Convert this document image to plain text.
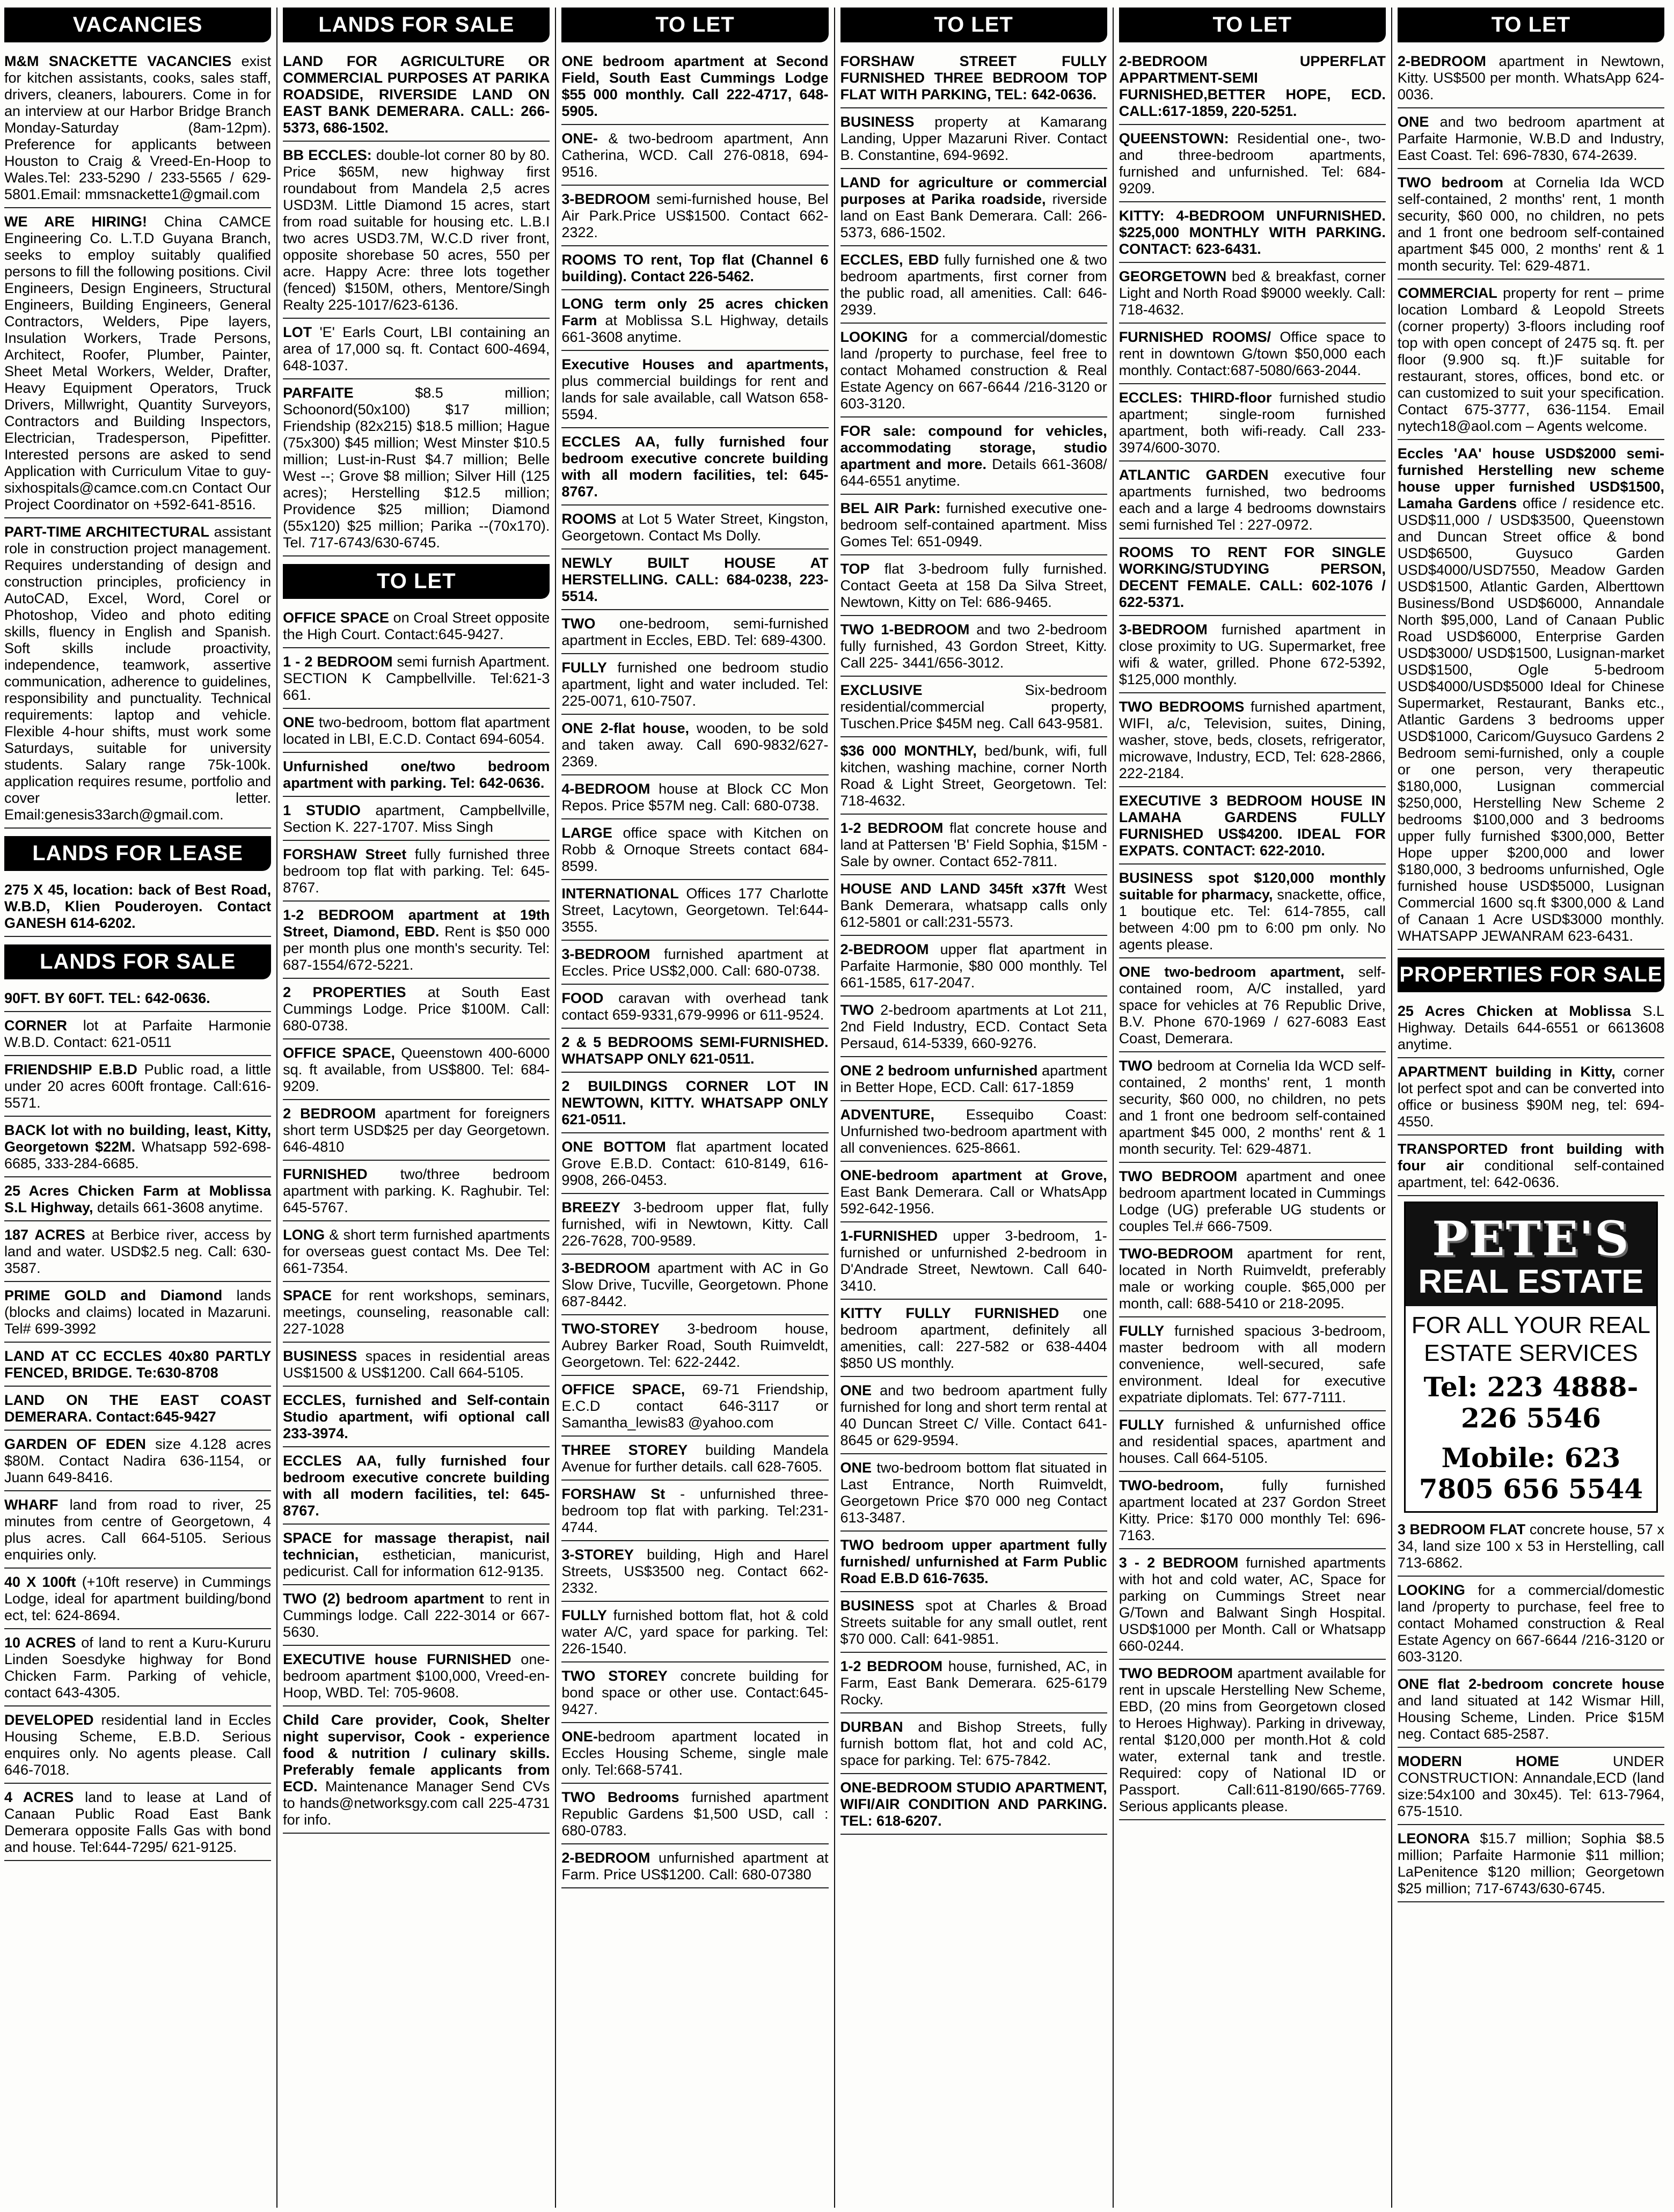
VACANCIES
M&M SNACKETTE VACANCIES exist for kitchen assistants, cooks, sales staff, drivers, cleaners, labourers. Come in for an interview at our Harbor Bridge Branch Monday-Saturday (8am-12pm). Preference for applicants between Houston to Craig & Vreed-En-Hoop to Wales.Tel: 233-5290 / 233-5565 / 629-5801.Email: mmsnackette1@gmail.com
WE ARE HIRING! China CAMCE Engineering Co. L.T.D Guyana Branch, seeks to employ suitably qualified persons to fill the following positions. Civil Engineers, Design Engineers, Structural Engineers, Building Engineers, General Contractors, Welders, Pipe layers, Insulation Workers, Trade Persons, Architect, Roofer, Plumber, Painter, Sheet Metal Workers, Welder, Drafter, Heavy Equipment Operators, Truck Drivers, Millwright, Quantity Surveyors, Contractors and Building Inspectors, Electrician, Tradesperson, Pipefitter. Interested persons are asked to send Application with Curriculum Vitae to guy-sixhospitals@camce.com.cn Contact Our Project Coordinator on +592-641-8516.
PART-TIME ARCHITECTURAL assistant role in construction project management. Requires understanding of design and construction principles, proficiency in AutoCAD, Excel, Word, Corel or Photoshop, Video and photo editing skills, fluency in English and Spanish. Soft skills include proactivity, independence, teamwork, assertive communication, adherence to guidelines, responsibility and punctuality. Technical requirements: laptop and vehicle. Flexible 4-hour shifts, must work some Saturdays, suitable for university students. Salary range 75k-100k. application requires resume, portfolio and cover letter. Email:genesis33arch@gmail.com.
LANDS FOR LEASE
275 X 45, location: back of Best Road, W.B.D, Klien Pouderoyen. Contact GANESH 614-6202.
LANDS FOR SALE
90FT. BY 60FT. TEL: 642-0636.
CORNER lot at Parfaite Harmonie W.B.D. Contact: 621-0511
FRIENDSHIP E.B.D Public road, a little under 20 acres 600ft frontage. Call:616-5571.
BACK lot with no building, least, Kitty, Georgetown $22M. Whatsapp 592-698-6685, 333-284-6685.
25 Acres Chicken Farm at Moblissa S.L Highway, details 661-3608 anytime.
187 ACRES at Berbice river, access by land and water. USD$2.5 neg. Call: 630-3587.
PRIME GOLD and Diamond lands (blocks and claims) located in Mazaruni. Tel# 699-3992
LAND AT CC ECCLES 40x80 PARTLY FENCED, BRIDGE. Te:630-8708
LAND ON THE EAST COAST DEMERARA. Contact:645-9427
GARDEN OF EDEN size 4.128 acres $80M. Contact Nadira 636-1154, or Juann 649-8416.
WHARF land from road to river, 25 minutes from centre of Georgetown, 4 plus acres. Call 664-5105. Serious enquiries only.
40 X 100ft (+10ft reserve) in Cummings Lodge, ideal for apartment building/bond ect, tel: 624-8694.
10 ACRES of land to rent a Kuru-Kururu Linden Soesdyke highway for Bond Chicken Farm. Parking of vehicle, contact 643-4305.
DEVELOPED residential land in Eccles Housing Scheme, E.B.D. Serious enquires only. No agents please. Call 646-7018.
4 ACRES land to lease at Land of Canaan Public Road East Bank Demerara opposite Falls Gas with bond and house. Tel:644-7295/ 621-9125.
LANDS FOR SALE
LAND FOR AGRICULTURE OR COMMERCIAL PURPOSES AT PARIKA ROADSIDE, RIVERSIDE LAND ON EAST BANK DEMERARA. CALL: 266-5373, 686-1502.
BB ECCLES: double-lot corner 80 by 80. Price $65M, new highway first roundabout from Mandela 2,5 acres USD3M. Little Diamond 15 acres, start from road suitable for housing etc. L.B.I two acres USD3.7M, W.C.D river front, opposite shorebase 50 acres, 550 per acre. Happy Acre: three lots together (fenced) $150M, others, Mentore/Singh Realty 225-1017/623-6136.
LOT 'E' Earls Court, LBI containing an area of 17,000 sq. ft. Contact 600-4694, 648-1037.
PARFAITE $8.5 million; Schoonord(50x100) $17 million; Friendship (82x215) $18.5 million; Hague (75x300) $45 million; West Minster $10.5 million; Lust-in-Rust $4.7 million; Belle West --; Grove $8 million; Silver Hill (125 acres); Herstelling $12.5 million; Providence $25 million; Diamond (55x120) $25 million; Parika --(70x170). Tel. 717-6743/630-6745.
TO LET
OFFICE SPACE on Croal Street opposite the High Court. Contact:645-9427.
1 - 2 BEDROOM semi furnish Apartment. SECTION K Campbellville. Tel:621-3 661.
ONE two-bedroom, bottom flat apartment located in LBI, E.C.D. Contact 694-6054.
Unfurnished one/two bedroom apartment with parking. Tel: 642-0636.
1 STUDIO apartment, Campbellville, Section K. 227-1707. Miss Singh
FORSHAW Street fully furnished three bedroom top flat with parking. Tel: 645-8767.
1-2 BEDROOM apartment at 19th Street, Diamond, EBD. Rent is $50 000 per month plus one month's security. Tel: 687-1554/672-5221.
2 PROPERTIES at South East Cummings Lodge. Price $100M. Call: 680-0738.
OFFICE SPACE, Queenstown 400-6000 sq. ft available, from US$800. Tel: 684-9209.
2 BEDROOM apartment for foreigners short term USD$25 per day Georgetown. 646-4810
FURNISHED two/three bedroom apartment with parking. K. Raghubir. Tel: 645-5767.
LONG & short term furnished apartments for overseas guest contact Ms. Dee Tel: 661-7354.
SPACE for rent workshops, seminars, meetings, counseling, reasonable call: 227-1028
BUSINESS spaces in residential areas US$1500 & US$1200. Call 664-5105.
ECCLES, furnished and Self-contain Studio apartment, wifi optional call 233-3974.
ECCLES AA, fully furnished four bedroom executive concrete building with all modern facilities, tel: 645-8767.
SPACE for massage therapist, nail technician, esthetician, manicurist, pedicurist. Call for information 612-9135.
TWO (2) bedroom apartment to rent in Cummings lodge. Call 222-3014 or 667-5630.
EXECUTIVE house FURNISHED one-bedroom apartment $100,000, Vreed-en-Hoop, WBD. Tel: 705-9608.
Child Care provider, Cook, Shelter night supervisor, Cook - experience food & nutrition / culinary skills. Preferably female applicants from ECD. Maintenance Manager Send CVs to hands@networksgy.com call 225-4731 for info.
TO LET
ONE bedroom apartment at Second Field, South East Cummings Lodge $55 000 monthly. Call 222-4717, 648-5905.
ONE- & two-bedroom apartment, Ann Catherina, WCD. Call 276-0818, 694-9516.
3-BEDROOM semi-furnished house, Bel Air Park.Price US$1500. Contact 662-2322.
ROOMS TO rent, Top flat (Channel 6 building). Contact 226-5462.
LONG term only 25 acres chicken Farm at Moblissa S.L Highway, details 661-3608 anytime.
Executive Houses and apartments, plus commercial buildings for rent and lands for sale available, call Watson 658-5594.
ECCLES AA, fully furnished four bedroom executive concrete building with all modern facilities, tel: 645-8767.
ROOMS at Lot 5 Water Street, Kingston, Georgetown. Contact Ms Dolly.
NEWLY BUILT HOUSE AT HERSTELLING. CALL: 684-0238, 223-5514.
TWO one-bedroom, semi-furnished apartment in Eccles, EBD. Tel: 689-4300.
FULLY furnished one bedroom studio apartment, light and water included. Tel: 225-0071, 610-7507.
ONE 2-flat house, wooden, to be sold and taken away. Call 690-9832/627-2369.
4-BEDROOM house at Block CC Mon Repos. Price $57M neg. Call: 680-0738.
LARGE office space with Kitchen on Robb & Ornoque Streets contact 684-8599.
INTERNATIONAL Offices 177 Charlotte Street, Lacytown, Georgetown. Tel:644-3555.
3-BEDROOM furnished apartment at Eccles. Price US$2,000. Call: 680-0738.
FOOD caravan with overhead tank contact 659-9331,679-9996 or 611-9524.
2 & 5 BEDROOMS SEMI-FURNISHED. WHATSAPP ONLY 621-0511.
2 BUILDINGS CORNER LOT IN NEWTOWN, KITTY. WHATSAPP ONLY 621-0511.
ONE BOTTOM flat apartment located Grove E.B.D. Contact: 610-8149, 616-9908, 266-0453.
BREEZY 3-bedroom upper flat, fully furnished, wifi in Newtown, Kitty. Call 226-7628, 700-9589.
3-BEDROOM apartment with AC in Go Slow Drive, Tucville, Georgetown. Phone 687-8442.
TWO-STOREY 3-bedroom house, Aubrey Barker Road, South Ruimveldt, Georgetown. Tel: 622-2442.
OFFICE SPACE, 69-71 Friendship, E.C.D contact 646-3117 or Samantha_lewis83 @yahoo.com
THREE STOREY building Mandela Avenue for further details. call 628-7605.
FORSHAW St - unfurnished three-bedroom top flat with parking. Tel:231-4744.
3-STOREY building, High and Harel Streets, US$3500 neg. Contact 662-2332.
FULLY furnished bottom flat, hot & cold water A/C, yard space for parking. Tel: 226-1540.
TWO STOREY concrete building for bond space or other use. Contact:645-9427.
ONE-bedroom apartment located in Eccles Housing Scheme, single male only. Tel:668-5741.
TWO Bedrooms furnished apartment Republic Gardens $1,500 USD, call : 680-0783.
2-BEDROOM unfurnished apartment at Farm. Price US$1200. Call: 680-07380
TO LET
FORSHAW STREET FULLY FURNISHED THREE BEDROOM TOP FLAT WITH PARKING, TEL: 642-0636.
BUSINESS property at Kamarang Landing, Upper Mazaruni River. Contact B. Constantine, 694-9692.
LAND for agriculture or commercial purposes at Parika roadside, riverside land on East Bank Demerara. Call: 266-5373, 686-1502.
ECCLES, EBD fully furnished one & two bedroom apartments, first corner from the public road, all amenities. Call: 646-2939.
LOOKING for a commercial/domestic land /property to purchase, feel free to contact Mohamed construction & Real Estate Agency on 667-6644 /216-3120 or 603-3120.
FOR sale: compound for vehicles, accommodating storage, studio apartment and more. Details 661-3608/ 644-6551 anytime.
BEL AIR Park: furnished executive one-bedroom self-contained apartment. Miss Gomes Tel: 651-0949.
TOP flat 3-bedroom fully furnished. Contact Geeta at 158 Da Silva Street, Newtown, Kitty on Tel: 686-9465.
TWO 1-BEDROOM and two 2-bedroom fully furnished, 43 Gordon Street, Kitty. Call 225- 3441/656-3012.
EXCLUSIVE Six-bedroom residential/commercial property, Tuschen.Price $45M neg. Call 643-9581.
$36 000 MONTHLY, bed/bunk, wifi, full kitchen, washing machine, corner North Road & Light Street, Georgetown. Tel: 718-4632.
1-2 BEDROOM flat concrete house and land at Pattersen 'B' Field Sophia, $15M - Sale by owner. Contact 652-7811.
HOUSE AND LAND 345ft x37ft West Bank Demerara, whatsapp calls only 612-5801 or call:231-5573.
2-BEDROOM upper flat apartment in Parfaite Harmonie, $80 000 monthly. Tel 661-1585, 617-2047.
TWO 2-bedroom apartments at Lot 211, 2nd Field Industry, ECD. Contact Seta Persaud, 614-5339, 660-9276.
ONE 2 bedroom unfurnished apartment in Better Hope, ECD. Call: 617-1859
ADVENTURE, Essequibo Coast: Unfurnished two-bedroom apartment with all conveniences. 625-8661.
ONE-bedroom apartment at Grove, East Bank Demerara. Call or WhatsApp 592-642-1956.
1-FURNISHED upper 3-bedroom, 1-furnished or unfurnished 2-bedroom in D'Andrade Street, Newtown. Call 640-3410.
KITTY FULLY FURNISHED one bedroom apartment, definitely all amenities, call: 227-582 or 638-4404 $850 US monthly.
ONE and two bedroom apartment fully furnished for long and short term rental at 40 Duncan Street C/ Ville. Contact 641-8645 or 629-9594.
ONE two-bedroom bottom flat situated in Last Entrance, North Ruimveldt, Georgetown Price $70 000 neg Contact 613-3487.
TWO bedroom upper apartment fully furnished/ unfurnished at Farm Public Road E.B.D 616-7635.
BUSINESS spot at Charles & Broad Streets suitable for any small outlet, rent $70 000. Call: 641-9851.
1-2 BEDROOM house, furnished, AC, in Farm, East Bank Demerara. 625-6179 Rocky.
DURBAN and Bishop Streets, fully furnish bottom flat, hot and cold AC, space for parking. Tel: 675-7842.
ONE-BEDROOM STUDIO APARTMENT, WIFI/AIR CONDITION AND PARKING. TEL: 618-6207.
TO LET
2-BEDROOM UPPERFLAT APPARTMENT-SEMI FURNISHED,BETTER HOPE, ECD. CALL:617-1859, 220-5251.
QUEENSTOWN: Residential one-, two- and three-bedroom apartments, furnished and unfurnished. Tel: 684-9209.
KITTY: 4-BEDROOM UNFURNISHED. $225,000 MONTHLY WITH PARKING. CONTACT: 623-6431.
GEORGETOWN bed & breakfast, corner Light and North Road $9000 weekly. Call: 718-4632.
FURNISHED ROOMS/ Office space to rent in downtown G/town $50,000 each monthly. Contact:687-5080/663-2044.
ECCLES: THIRD-floor furnished studio apartment; single-room furnished apartment, both wifi-ready. Call 233-3974/600-3070.
ATLANTIC GARDEN executive four apartments furnished, two bedrooms each and a large 4 bedrooms downstairs semi furnished Tel : 227-0972.
ROOMS TO RENT FOR SINGLE WORKING/STUDYING PERSON, DECENT FEMALE. CALL: 602-1076 / 622-5371.
3-BEDROOM furnished apartment in close proximity to UG. Supermarket, free wifi & water, grilled. Phone 672-5392, $125,000 monthly.
TWO BEDROOMS furnished apartment, WIFI, a/c, Television, suites, Dining, washer, stove, beds, closets, refrigerator, microwave, Industry, ECD, Tel: 628-2866, 222-2184.
EXECUTIVE 3 BEDROOM HOUSE IN LAMAHA GARDENS FULLY FURNISHED US$4200. IDEAL FOR EXPATS. CONTACT: 622-2010.
BUSINESS spot $120,000 monthly suitable for pharmacy, snackette, office, 1 boutique etc. Tel: 614-7855, call between 4:00 pm to 6:00 pm only. No agents please.
ONE two-bedroom apartment, self-contained room, A/C installed, yard space for vehicles at 76 Republic Drive, B.V. Phone 670-1969 / 627-6083 East Coast, Demerara.
TWO bedroom at Cornelia Ida WCD self-contained, 2 months' rent, 1 month security, $60 000, no children, no pets and 1 front one bedroom self-contained apartment $45 000, 2 months' rent & 1 month security. Tel: 629-4871.
TWO BEDROOM apartment and onee bedroom apartment located in Cummings Lodge (UG) preferable UG students or couples Tel.# 666-7509.
TWO-BEDROOM apartment for rent, located in North Ruimveldt, preferably male or working couple. $65,000 per month, call: 688-5410 or 218-2095.
FULLY furnished spacious 3-bedroom, master bedroom with all modern convenience, well-secured, safe environment. Ideal for executive expatriate diplomats. Tel: 677-7111.
FULLY furnished & unfurnished office and residential spaces, apartment and houses. Call 664-5105.
TWO-bedroom, fully furnished apartment located at 237 Gordon Street Kitty. Price: $170 000 monthly Tel: 696-7163.
3 - 2 BEDROOM furnished apartments with hot and cold water, AC, Space for parking on Cummings Street near G/Town and Balwant Singh Hospital. USD$1000 per Month. Call or Whatsapp 660-0244.
TWO BEDROOM apartment available for rent in upscale Herstelling New Scheme, EBD, (20 mins from Georgetown closed to Heroes Highway). Parking in driveway, rental $120,000 per month.Hot & cold water, external tank and trestle. Required: copy of National ID or Passport. Call:611-8190/665-7769. Serious applicants please.
TO LET
2-BEDROOM apartment in Newtown, Kitty. US$500 per month. WhatsApp 624-0036.
ONE and two bedroom apartment at Parfaite Harmonie, W.B.D and Industry, East Coast. Tel: 696-7830, 674-2639.
TWO bedroom at Cornelia Ida WCD self-contained, 2 months' rent, 1 month security, $60 000, no children, no pets and 1 front one bedroom self-contained apartment $45 000, 2 months' rent & 1 month security. Tel: 629-4871.
COMMERCIAL property for rent – prime location Lombard & Leopold Streets (corner property) 3-floors including roof top with open concept of 2475 sq. ft. per floor (9.900 sq. ft.)F suitable for restaurant, stores, offices, bond etc. or can customized to suit your specification. Contact 675-3777, 636-1154. Email nytech18@aol.com – Agents welcome.
Eccles 'AA' house USD$2000 semi- furnished Herstelling new scheme house upper furnished USD$1500, Lamaha Gardens office / residence etc. USD$11,000 / USD$3500, Queenstown and Duncan Street office & bond USD$6500, Guysuco Garden USD$4000/USD7550, Meadow Garden USD$1500, Atlantic Garden, Alberttown Business/Bond USD$6000, Annandale North $95,000, Land of Canaan Public Road USD$6000, Enterprise Garden USD$3000/ USD$1500, Lusignan-market USD$1500, Ogle 5-bedroom USD$4000/USD$5000 Ideal for Chinese Supermarket, Restaurant, Banks etc., Atlantic Gardens 3 bedrooms upper USD$1000, Caricom/Guysuco Gardens 2 Bedroom semi-furnished, only a couple or one person, very therapeutic $180,000, Lusignan commercial $250,000, Herstelling New Scheme 2 bedrooms $100,000 and 3 bedrooms upper fully furnished $300,000, Better Hope upper $200,000 and lower $180,000, 3 bedrooms unfurnished, Ogle furnished house USD$5000, Lusignan Commercial 1600 sq.ft $300,000 & Land of Canaan 1 Acre USD$3000 monthly. WHATSAPP JEWANRAM 623-6431.
PROPERTIES FOR SALE
25 Acres Chicken at Moblissa S.L Highway. Details 644-6551 or 6613608 anytime.
APARTMENT building in Kitty, corner lot perfect spot and can be converted into office or business $90M neg, tel: 694-4550.
TRANSPORTED front building with four air conditional self-contained apartment, tel: 642-0636.
PETE'S
REAL ESTATE
FOR ALL YOUR REAL ESTATE SERVICES
Tel: 223 4888-226 5546
Mobile: 623 7805 656 5544
3 BEDROOM FLAT concrete house, 57 x 34, land size 100 x 53 in Herstelling, call 713-6862.
LOOKING for a commercial/domestic land /property to purchase, feel free to contact Mohamed construction & Real Estate Agency on 667-6644 /216-3120 or 603-3120.
ONE flat 2-bedroom concrete house and land situated at 142 Wismar Hill, Housing Scheme, Linden. Price $15M neg. Contact 685-2587.
MODERN HOME UNDER CONSTRUCTION: Annandale,ECD (land size:54x100 and 30x45). Tel: 613-7964, 675-1510.
LEONORA $15.7 million; Sophia $8.5 million; Parfaite Harmonie $11 million; LaPenitence $120 million; Georgetown $25 million; 717-6743/630-6745.
